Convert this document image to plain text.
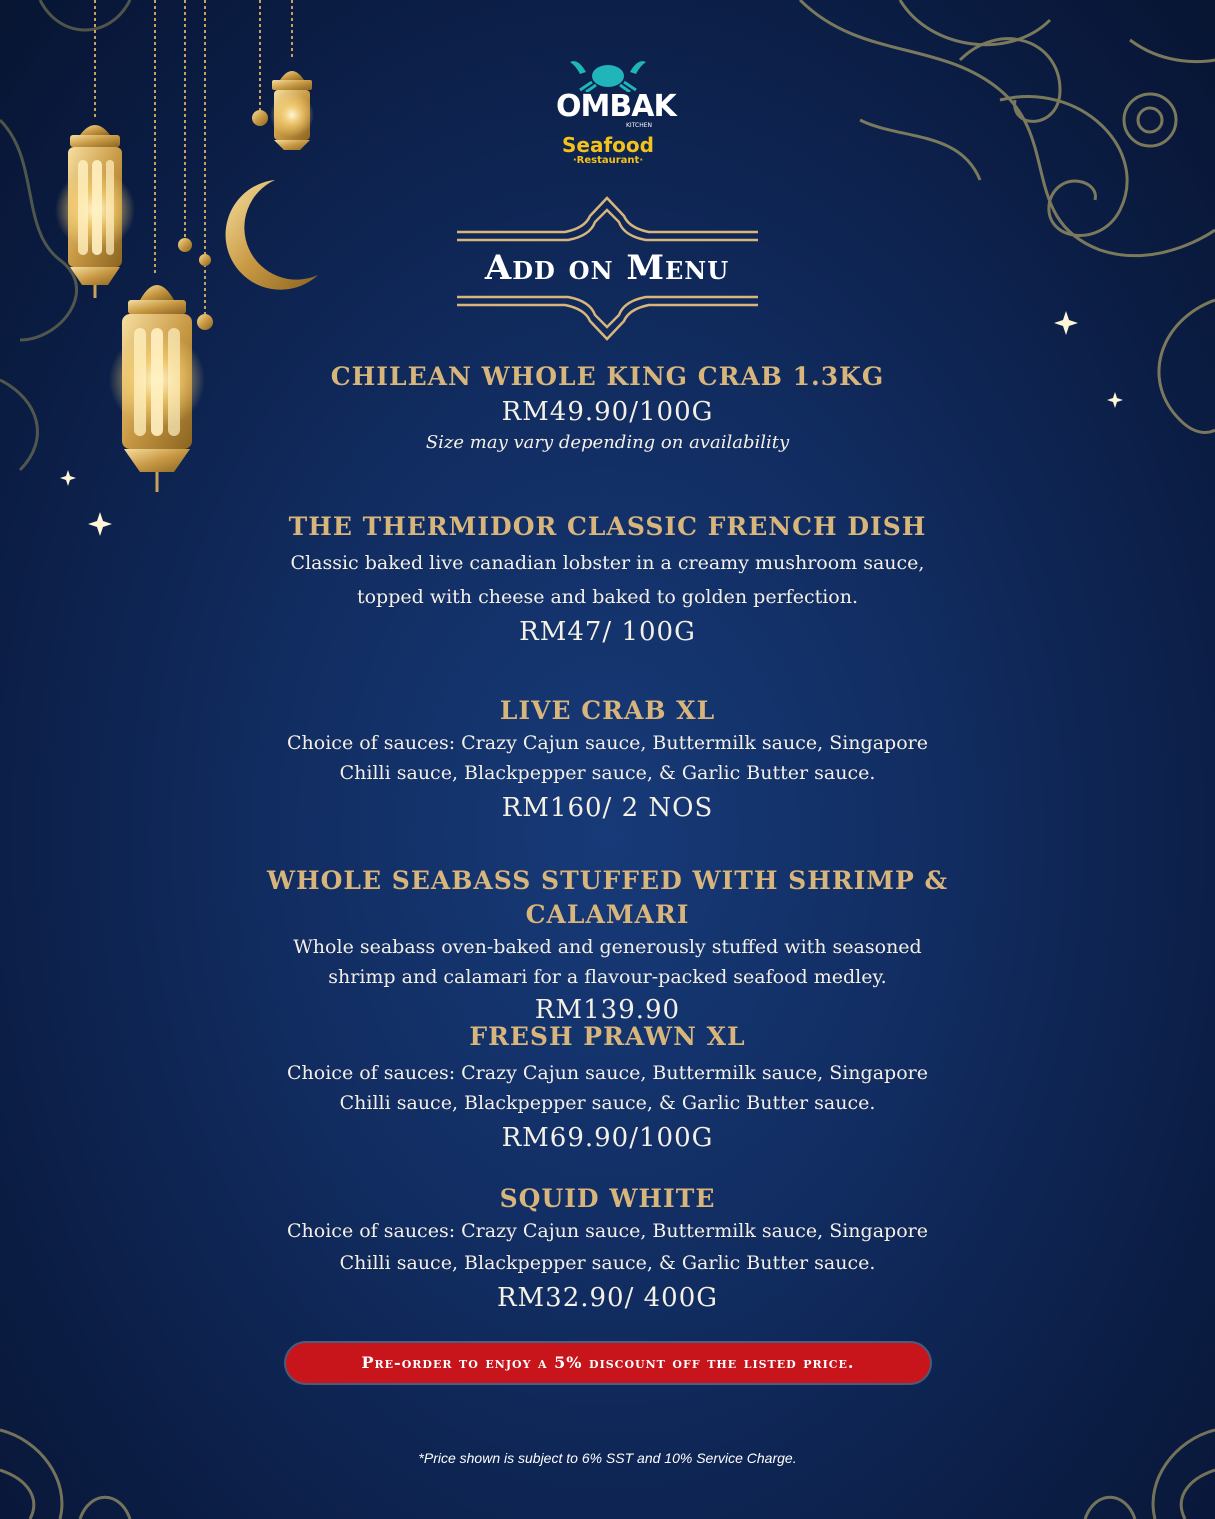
OMBAK
KITCHEN
Seafood
·Restaurant·
Add on Menu
CHILEAN WHOLE KING CRAB 1.3KG
RM49.90/100G
Size may vary depending on availability
THE THERMIDOR CLASSIC FRENCH DISH
Classic baked live canadian lobster in a creamy mushroom sauce,
topped with cheese and baked to golden perfection.
RM47/ 100G
LIVE CRAB XL
Choice of sauces: Crazy Cajun sauce, Buttermilk sauce, Singapore
Chilli sauce, Blackpepper sauce, & Garlic Butter sauce.
RM160/ 2 NOS
WHOLE SEABASS STUFFED WITH SHRIMP & CALAMARI
Whole seabass oven-baked and generously stuffed with seasoned
shrimp and calamari for a flavour-packed seafood medley.
RM139.90
FRESH PRAWN XL
Choice of sauces: Crazy Cajun sauce, Buttermilk sauce, Singapore
Chilli sauce, Blackpepper sauce, & Garlic Butter sauce.
RM69.90/100G
SQUID WHITE
Choice of sauces: Crazy Cajun sauce, Buttermilk sauce, Singapore
Chilli sauce, Blackpepper sauce, & Garlic Butter sauce.
RM32.90/ 400G
Pre-order to enjoy a 5% discount off the listed price.
*Price shown is subject to 6% SST and 10% Service Charge.
